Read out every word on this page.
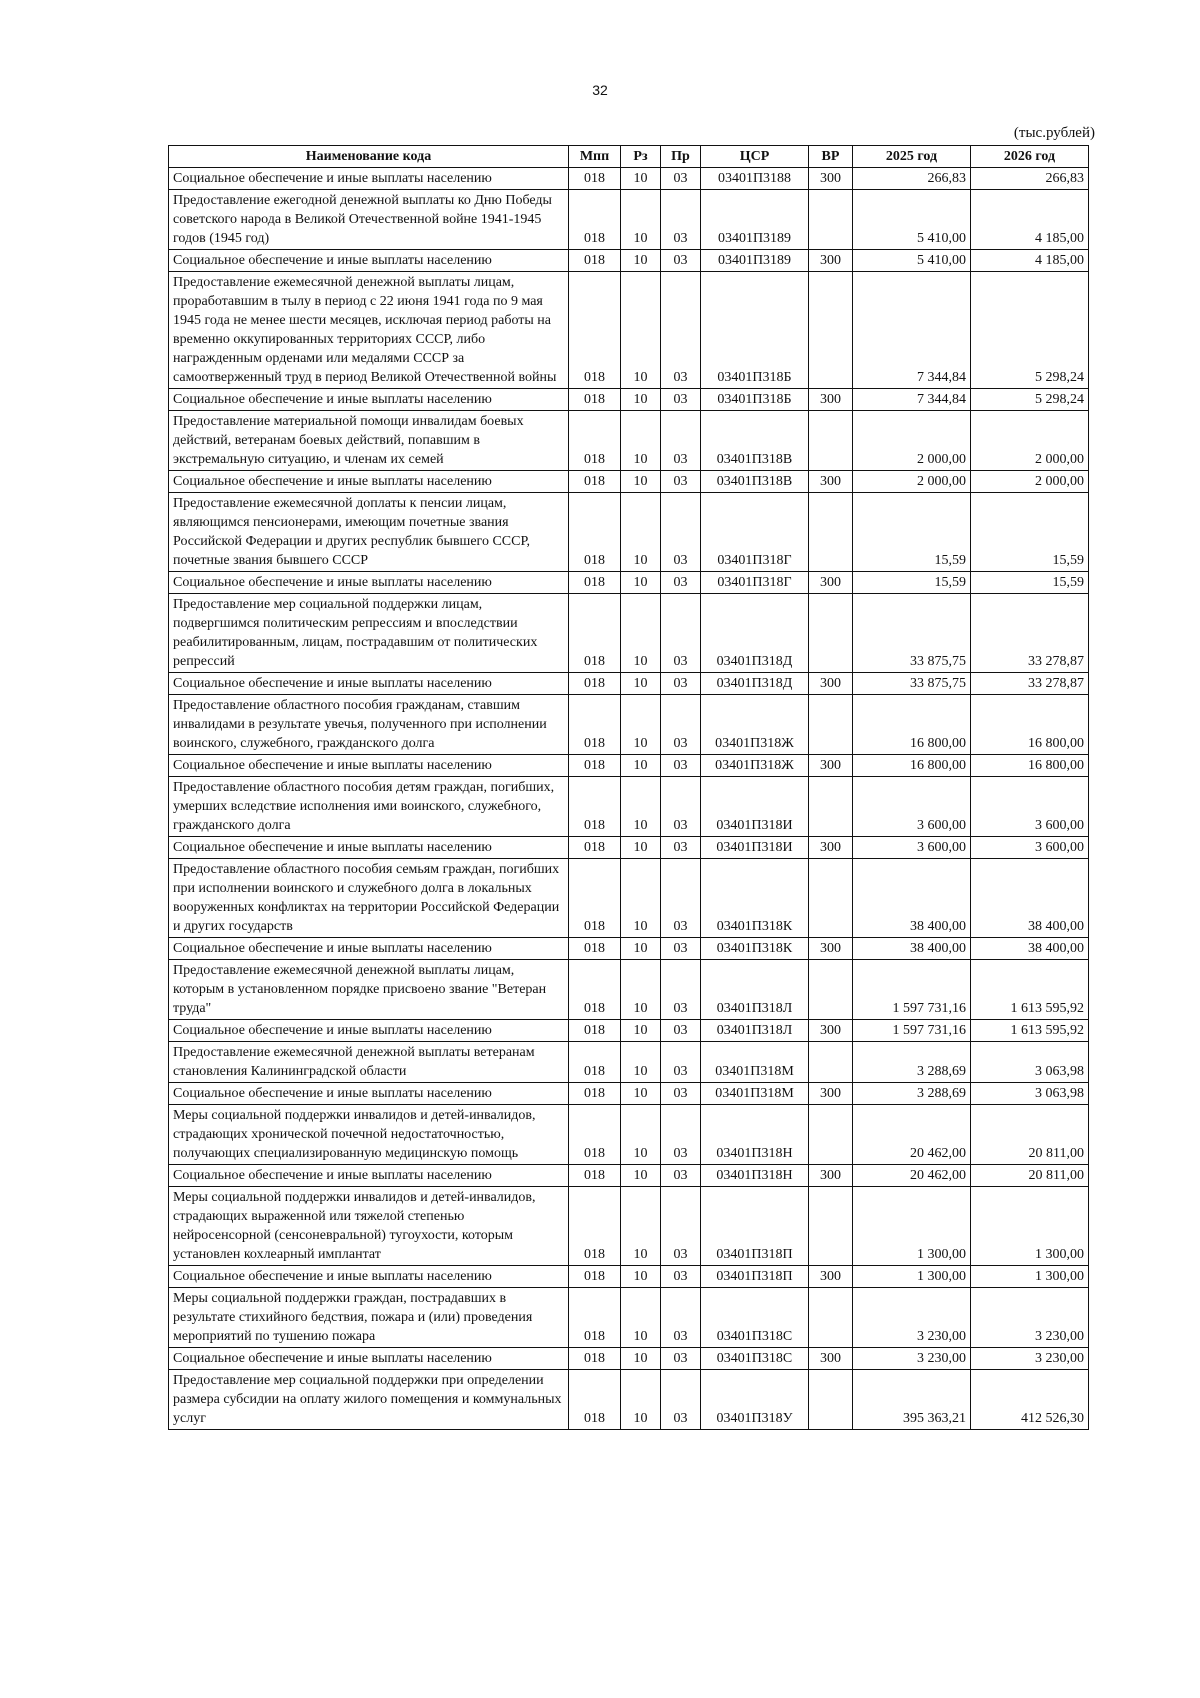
32
(тыс.рублей)
Наименование кода	Мпп	Рз	Пр	ЦСР	ВР	2025 год	2026 год
Социальное обеспечение и иные выплаты населению	018	10	03	03401П3188	300	266,83	266,83
Предоставление ежегодной денежной выплаты ко Дню Победы советского народа в Великой Отечественной войне 1941-1945 годов (1945 год)	018	10	03	03401П3189		5 410,00	4 185,00
Социальное обеспечение и иные выплаты населению	018	10	03	03401П3189	300	5 410,00	4 185,00
Предоставление ежемесячной денежной выплаты лицам, проработавшим в тылу в период с 22 июня 1941 года по 9 мая 1945 года не менее шести месяцев, исключая период работы на временно оккупированных территориях СССР, либо награжденным орденами или медалями СССР за самоотверженный труд в период Великой Отечественной войны	018	10	03	03401П318Б		7 344,84	5 298,24
Социальное обеспечение и иные выплаты населению	018	10	03	03401П318Б	300	7 344,84	5 298,24
Предоставление материальной помощи инвалидам боевых действий, ветеранам боевых действий, попавшим в экстремальную ситуацию, и членам их семей	018	10	03	03401П318В		2 000,00	2 000,00
Социальное обеспечение и иные выплаты населению	018	10	03	03401П318В	300	2 000,00	2 000,00
Предоставление ежемесячной доплаты к пенсии лицам, являющимся пенсионерами, имеющим почетные звания Российской Федерации и других республик бывшего СССР, почетные звания бывшего СССР	018	10	03	03401П318Г		15,59	15,59
Социальное обеспечение и иные выплаты населению	018	10	03	03401П318Г	300	15,59	15,59
Предоставление мер социальной поддержки лицам, подвергшимся политическим репрессиям и впоследствии реабилитированным, лицам, пострадавшим от политических репрессий	018	10	03	03401П318Д		33 875,75	33 278,87
Социальное обеспечение и иные выплаты населению	018	10	03	03401П318Д	300	33 875,75	33 278,87
Предоставление областного пособия гражданам, ставшим инвалидами в результате увечья, полученного при исполнении воинского, служебного, гражданского долга	018	10	03	03401П318Ж		16 800,00	16 800,00
Социальное обеспечение и иные выплаты населению	018	10	03	03401П318Ж	300	16 800,00	16 800,00
Предоставление областного пособия детям граждан, погибших, умерших вследствие исполнения ими воинского, служебного, гражданского долга	018	10	03	03401П318И		3 600,00	3 600,00
Социальное обеспечение и иные выплаты населению	018	10	03	03401П318И	300	3 600,00	3 600,00
Предоставление областного пособия семьям граждан, погибших при исполнении воинского и служебного долга в локальных вооруженных конфликтах на территории Российской Федерации и других государств	018	10	03	03401П318К		38 400,00	38 400,00
Социальное обеспечение и иные выплаты населению	018	10	03	03401П318К	300	38 400,00	38 400,00
Предоставление ежемесячной денежной выплаты лицам, которым в установленном порядке присвоено звание "Ветеран труда"	018	10	03	03401П318Л		1 597 731,16	1 613 595,92
Социальное обеспечение и иные выплаты населению	018	10	03	03401П318Л	300	1 597 731,16	1 613 595,92
Предоставление ежемесячной денежной выплаты ветеранам становления Калининградской области	018	10	03	03401П318М		3 288,69	3 063,98
Социальное обеспечение и иные выплаты населению	018	10	03	03401П318М	300	3 288,69	3 063,98
Меры социальной поддержки инвалидов и детей-инвалидов, страдающих хронической почечной недостаточностью, получающих специализированную медицинскую помощь	018	10	03	03401П318Н		20 462,00	20 811,00
Социальное обеспечение и иные выплаты населению	018	10	03	03401П318Н	300	20 462,00	20 811,00
Меры социальной поддержки инвалидов и детей-инвалидов, страдающих выраженной или тяжелой степенью нейросенсорной (сенсоневральной) тугоухости, которым установлен кохлеарный имплантат	018	10	03	03401П318П		1 300,00	1 300,00
Социальное обеспечение и иные выплаты населению	018	10	03	03401П318П	300	1 300,00	1 300,00
Меры социальной поддержки граждан, пострадавших в результате стихийного бедствия, пожара и (или) проведения мероприятий по тушению пожара	018	10	03	03401П318С		3 230,00	3 230,00
Социальное обеспечение и иные выплаты населению	018	10	03	03401П318С	300	3 230,00	3 230,00
Предоставление мер социальной поддержки при определении размера субсидии на оплату жилого помещения и коммунальных услуг	018	10	03	03401П318У		395 363,21	412 526,30
